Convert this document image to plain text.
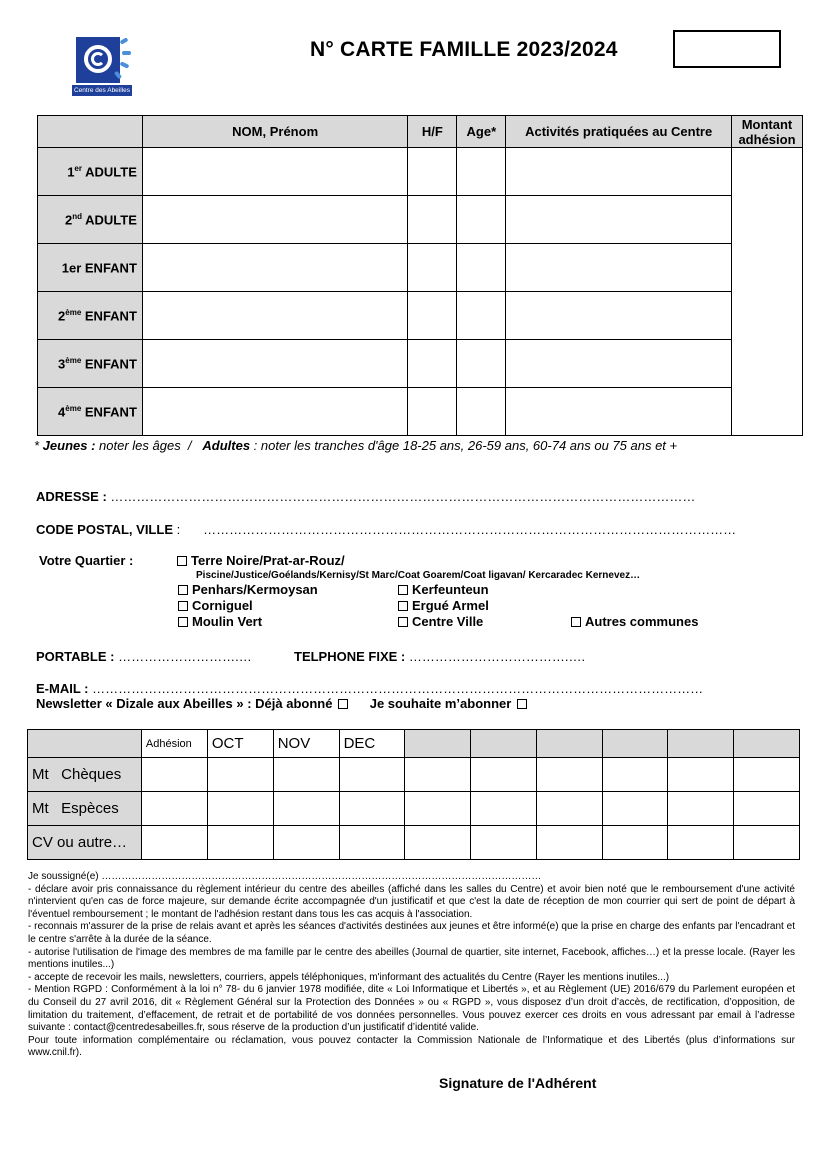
Centre des Abeilles
N° CARTE FAMILLE 2023/2024
	NOM, Prénom	H/F	Age*	Activités pratiquées au Centre	Montant
adhésion
1er ADULTE					
2nd ADULTE					
1er ENFANT					
2ème ENFANT					
3ème ENFANT					
4ème ENFANT					
* Jeunes : noter les âges  /   Adultes : noter les tranches d'âge 18-25 ans, 26-59 ans, 60-74 ans ou 75 ans et +
ADRESSE : ………………………………………………………………………………………………………………………
CODE POSTAL, VILLE :   ……………………………………………………………………………………………………………
Votre Quartier :	Terre Noire/Prat-ar-Rouz/
Piscine/Justice/Goélands/Kernisy/St Marc/Coat Goarem/Coat ligavan/ Kercaradec Kernevez…
Penhars/Kermoysan	Kerfeunteun
Corniguel	Ergué Armel
Moulin Vert	Centre Ville	Autres communes
PORTABLE : ……………………….…	TELPHONE FIXE : ……………………………….….
E-MAIL : ……………………………………………………………………………………………………………………………
Newsletter « Dizale aux Abeilles » : Déjà abonné	Je souhaite m’abonner
	Adhésion	OCT	NOV	DEC						
Mt   Chèques										
Mt   Espèces										
CV ou autre…										

Je soussigné(e) ……………………………………………………………………………………………………………………

- déclare avoir pris connaissance du règlement intérieur du centre des abeilles (affiché dans les salles du Centre) et avoir bien noté que le remboursement d'une activité n'intervient qu'en cas de force majeure, sur demande écrite accompagnée d'un justificatif et que c'est la date de réception de mon courrier qui sert de point de départ à l'éventuel remboursement ; le montant de l'adhésion restant dans tous les cas acquis à l'association.

- reconnais m'assurer de la prise de relais avant et après les séances d'activités destinées aux jeunes et être informé(e) que la prise en charge des enfants par l'encadrant et le centre s'arrête à la durée de la séance.

- autorise l'utilisation de l'image des membres de ma famille par le centre des abeilles (Journal de quartier, site internet, Facebook, affiches…) et la presse locale. (Rayer les mentions inutiles...)

- accepte de recevoir les mails, newsletters, courriers, appels téléphoniques, m'informant des actualités du Centre (Rayer les mentions inutiles...)

- Mention RGPD : Conformément à la loi n° 78- du 6 janvier 1978 modifiée, dite « Loi Informatique et Libertés », et au Règlement (UE) 2016/679 du Parlement européen et du Conseil du 27 avril 2016, dit « Règlement Général sur la Protection des Données » ou « RGPD », vous disposez d’un droit d’accès, de rectification, d’opposition, de limitation du traitement, d’effacement, de retrait et de portabilité de vos données personnelles. Vous pouvez exercer ces droits en vous adressant par email à l’adresse suivante : contact@centredesabeilles.fr, sous réserve de la production d’un justificatif d’identité valide.

Pour toute information complémentaire ou réclamation, vous pouvez contacter la Commission Nationale de l’Informatique et des Libertés (plus d’informations sur www.cnil.fr).

Signature de l'Adhérent
